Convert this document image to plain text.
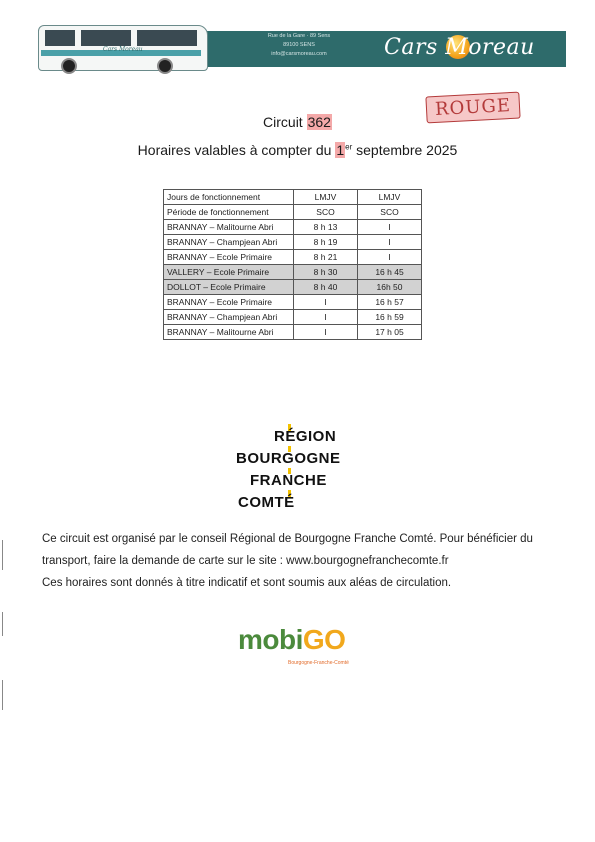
Cars Moreau
Rue de la Gare · 89 Sens
89100 SENS
info@carsmoreau.com	Cars Moreau
Circuit 362
ROUGE
Horaires valables à compter du 1er septembre 2025
Jours de fonctionnement	LMJV	LMJV
Période de fonctionnement	SCO	SCO
BRANNAY – Malitourne Abri	8 h 13	I
BRANNAY – Champjean Abri	8 h 19	I
BRANNAY – Ecole Primaire	8 h 21	I
VALLERY – Ecole Primaire	8 h 30	16 h 45
DOLLOT – Ecole Primaire	8 h 40	16h 50
BRANNAY – Ecole Primaire	I	16 h 57
BRANNAY – Champjean Abri	I	16 h 59
BRANNAY – Malitourne Abri	I	17 h 05
RÉGION
BOURGOGNE
FRANCHE
COMTÉ
Ce circuit est organisé par le conseil Régional de Bourgogne Franche Comté. Pour bénéficier du transport, faire la demande de carte sur le site : www.bourgognefranchecomte.fr
Ces horaires sont donnés à titre indicatif et sont soumis aux aléas de circulation.
mobiGO
Bourgogne-Franche-Comté
